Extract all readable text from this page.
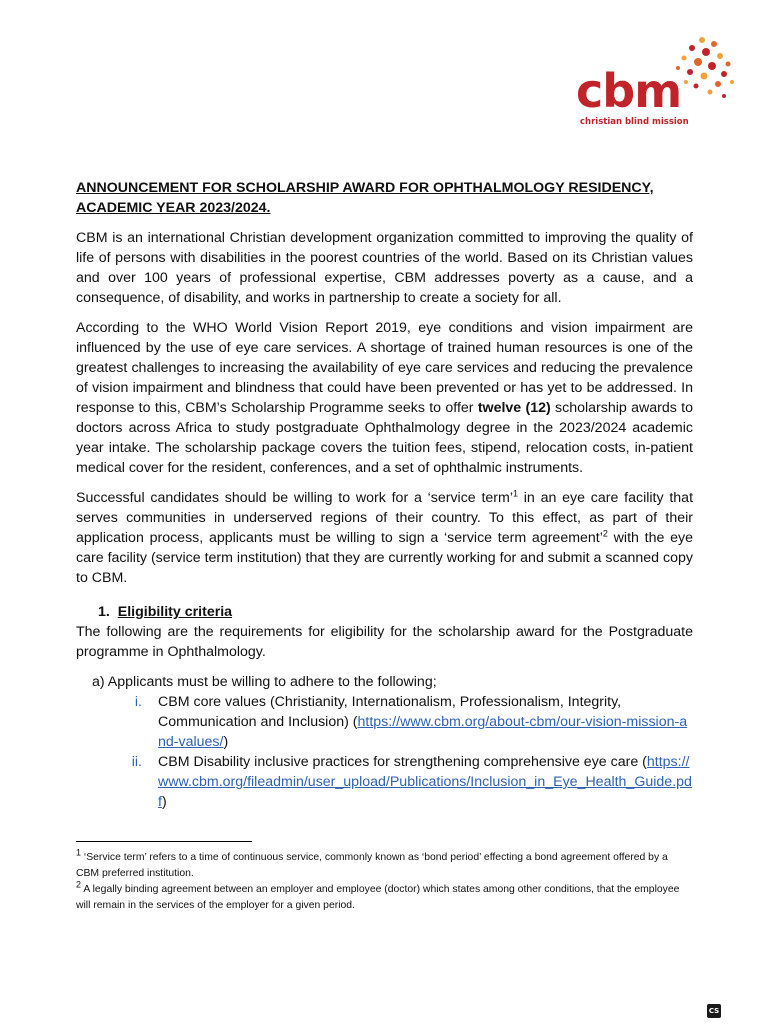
cbm
christian blind mission
ANNOUNCEMENT FOR SCHOLARSHIP AWARD FOR OPHTHALMOLOGY RESIDENCY, ACADEMIC YEAR 2023/2024.

CBM is an international Christian development organization committed to improving the quality of life of persons with disabilities in the poorest countries of the world. Based on its Christian values and over 100 years of professional expertise, CBM addresses poverty as a cause, and a consequence, of disability, and works in partnership to create a society for all.

According to the WHO World Vision Report 2019, eye conditions and vision impairment are influenced by the use of eye care services. A shortage of trained human resources is one of the greatest challenges to increasing the availability of eye care services and reducing the prevalence of vision impairment and blindness that could have been prevented or has yet to be addressed. In response to this, CBM’s Scholarship Programme seeks to offer twelve (12) scholarship awards to doctors across Africa to study postgraduate Ophthalmology degree in the 2023/2024 academic year intake. The scholarship package covers the tuition fees, stipend, relocation costs, in-patient medical cover for the resident, conferences, and a set of ophthalmic instruments.

Successful candidates should be willing to work for a ‘service term’$^1$ in an eye care facility that serves communities in underserved regions of their country. To this effect, as part of their application process, applicants must be willing to sign a ‘service term agreement’$^2$ with the eye care facility (service term institution) that they are currently working for and submit a scanned copy to CBM.

1. Eligibility criteria

The following are the requirements for eligibility for the scholarship award for the Postgraduate programme in Ophthalmology.

a) Applicants must be willing to adhere to the following;
i.	CBM core values (Christianity, Internationalism, Professionalism, Integrity, Communication and Inclusion) (https://www.cbm.org/about-cbm/our-vision-mission-and-values/)
ii.	CBM Disability inclusive practices for strengthening comprehensive eye care (https://www.cbm.org/fileadmin/user_upload/Publications/Inclusion_in_Eye_Health_Guide.pdf)
$^1$ ‘Service term’ refers to a time of continuous service, commonly known as ‘bond period’ effecting a bond agreement offered by a CBM preferred institution.
$^2$ A legally binding agreement between an employer and employee (doctor) which states among other conditions, that the employee will remain in the services of the employer for a given period.
CS
